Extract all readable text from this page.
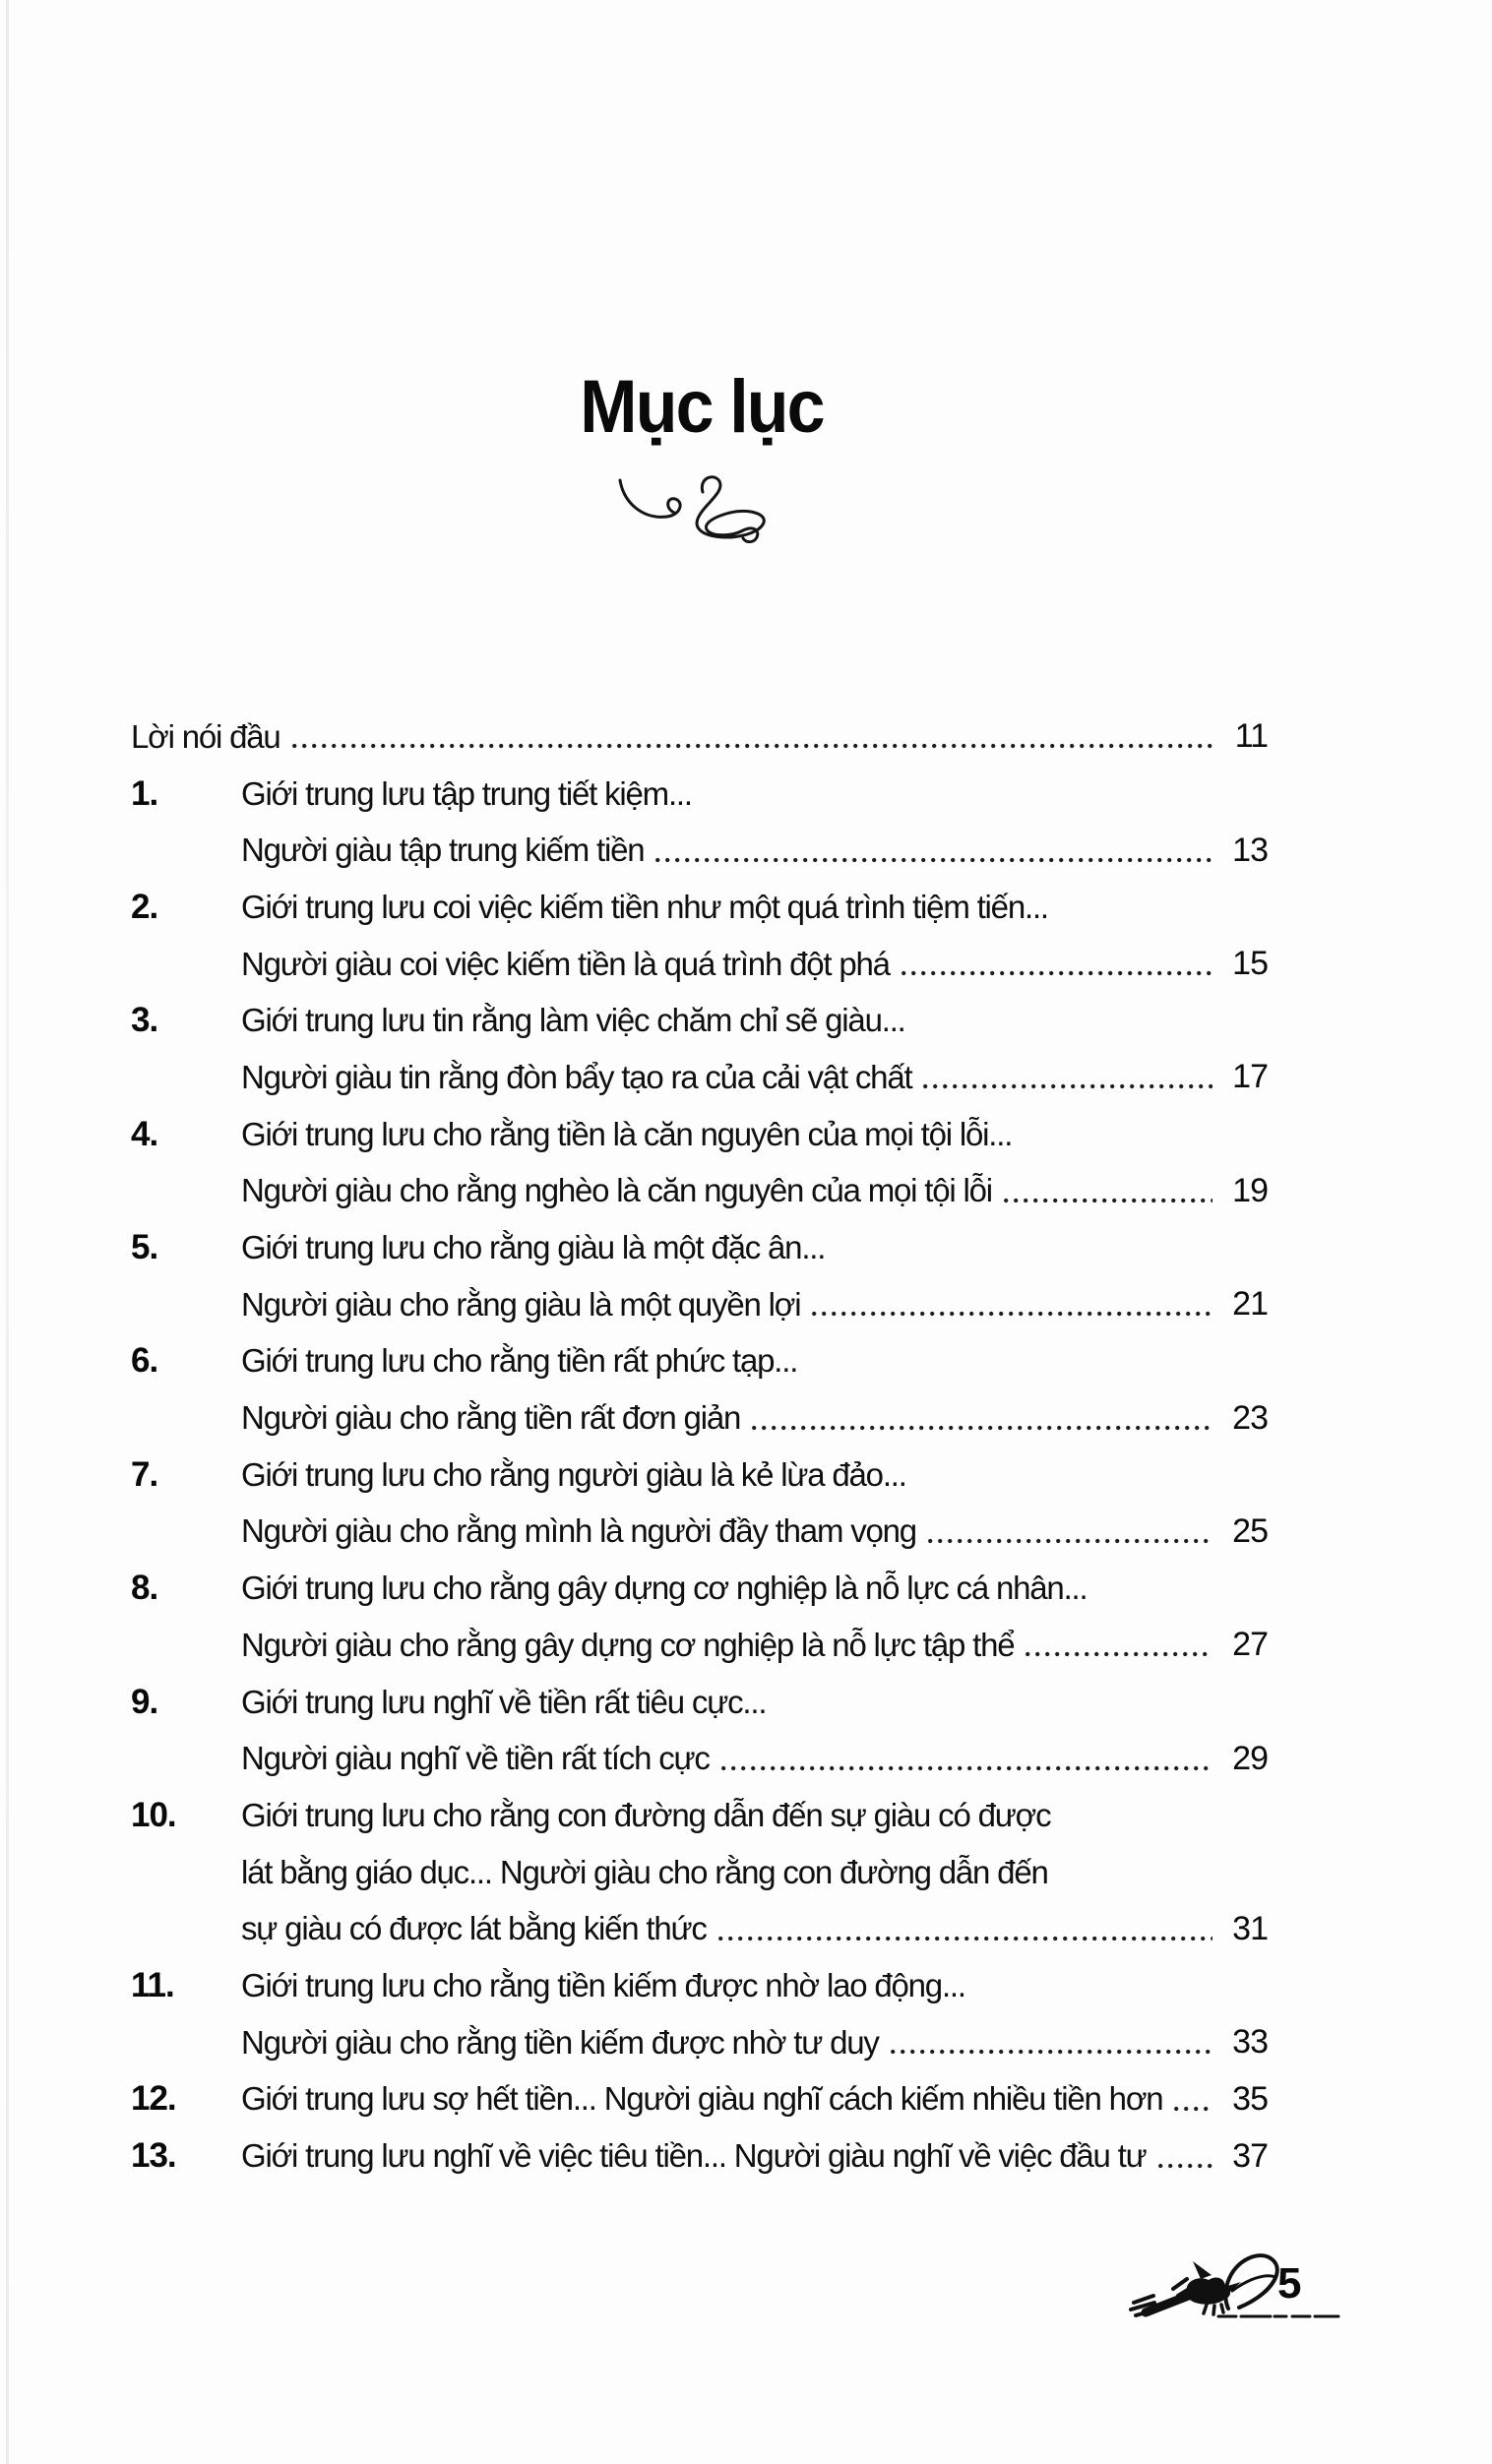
Mục lục
Lời nói đầu	11
1.	Giới trung lưu tập trung tiết kiệm...
Người giàu tập trung kiếm tiền	13
2.	Giới trung lưu coi việc kiếm tiền như một quá trình tiệm tiến...
Người giàu coi việc kiếm tiền là quá trình đột phá	15
3.	Giới trung lưu tin rằng làm việc chăm chỉ sẽ giàu...
Người giàu tin rằng đòn bẩy tạo ra của cải vật chất	17
4.	Giới trung lưu cho rằng tiền là căn nguyên của mọi tội lỗi...
Người giàu cho rằng nghèo là căn nguyên của mọi tội lỗi	19
5.	Giới trung lưu cho rằng giàu là một đặc ân...
Người giàu cho rằng giàu là một quyền lợi	21
6.	Giới trung lưu cho rằng tiền rất phức tạp...
Người giàu cho rằng tiền rất đơn giản	23
7.	Giới trung lưu cho rằng người giàu là kẻ lừa đảo...
Người giàu cho rằng mình là người đầy tham vọng	25
8.	Giới trung lưu cho rằng gây dựng cơ nghiệp là nỗ lực cá nhân...
Người giàu cho rằng gây dựng cơ nghiệp là nỗ lực tập thể	27
9.	Giới trung lưu nghĩ về tiền rất tiêu cực...
Người giàu nghĩ về tiền rất tích cực	29
10.	Giới trung lưu cho rằng con đường dẫn đến sự giàu có được
lát bằng giáo dục... Người giàu cho rằng con đường dẫn đến
sự giàu có được lát bằng kiến thức	31
11.	Giới trung lưu cho rằng tiền kiếm được nhờ lao động...
Người giàu cho rằng tiền kiếm được nhờ tư duy	33
12.	Giới trung lưu sợ hết tiền... Người giàu nghĩ cách kiếm nhiều tiền hơn	35
13.	Giới trung lưu nghĩ về việc tiêu tiền... Người giàu nghĩ về việc đầu tư	37
5
